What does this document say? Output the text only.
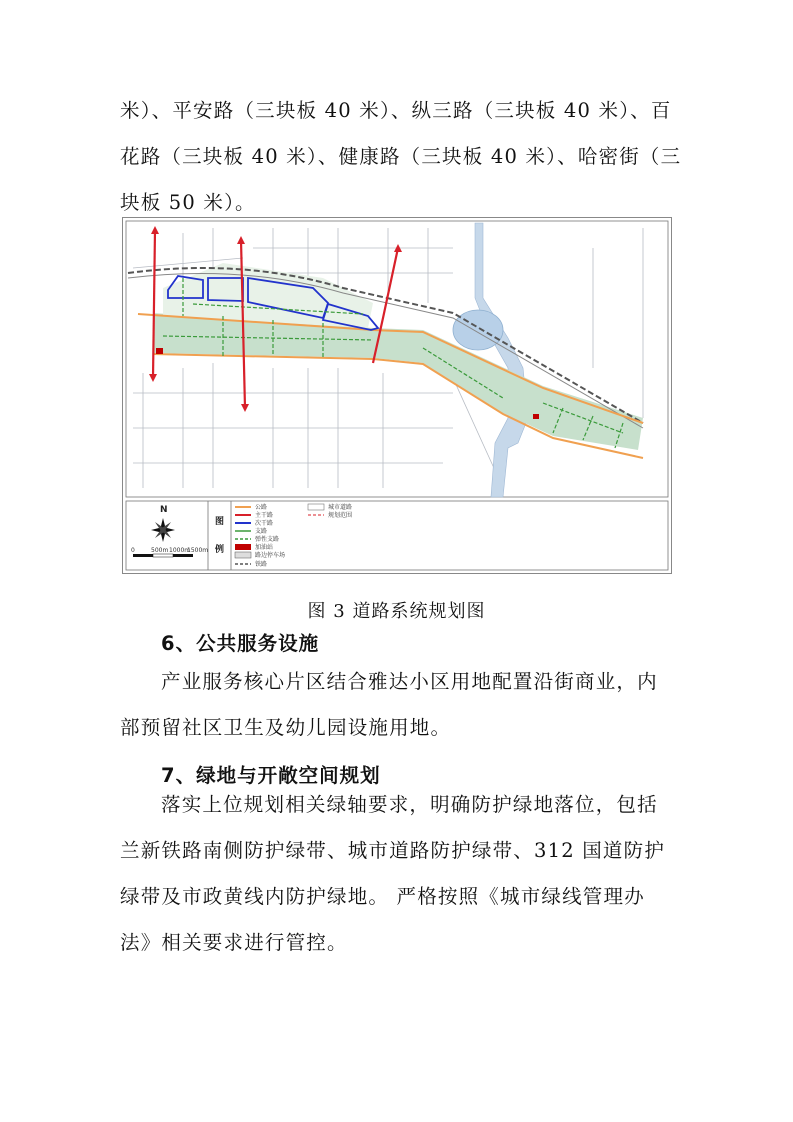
米）、平安路（三块板 40 米）、纵三路（三块板 40 米）、百
花路（三块板 40 米）、健康路（三块板 40 米）、哈密街（三
块板 50 米）。
N
0	500m 1000m
1500m
图
例
公路
主干路
次干路
支路
弹性支路
加油站
路边停车场
铁路
城市道路
规划范围
图 3 道路系统规划图
6、公共服务设施
产业服务核心片区结合雅达小区用地配置沿街商业，内
部预留社区卫生及幼儿园设施用地。
7、绿地与开敞空间规划
落实上位规划相关绿轴要求，明确防护绿地落位，包括
兰新铁路南侧防护绿带、城市道路防护绿带、312 国道防护
绿带及市政黄线内防护绿地。 严格按照《城市绿线管理办
法》相关要求进行管控。
